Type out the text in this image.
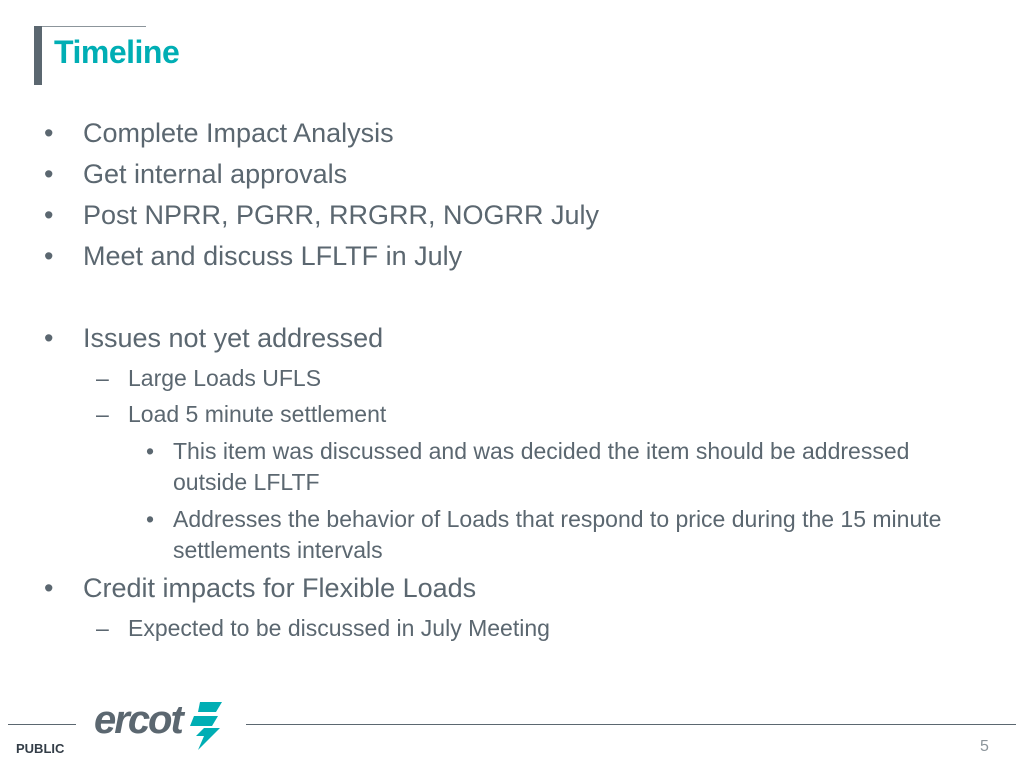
Timeline
• Complete Impact Analysis
• Get internal approvals
• Post NPRR, PGRR, RRGRR, NOGRR July
• Meet and discuss LFLTF in July
• Issues not yet addressed
– Large Loads UFLS
– Load 5 minute settlement
• This item was discussed and was decided the item should be addressed outside LFLTF
• Addresses the behavior of Loads that respond to price during the 15 minute settlements intervals
• Credit impacts for Flexible Loads
– Expected to be discussed in July Meeting
ercot
PUBLIC	5
